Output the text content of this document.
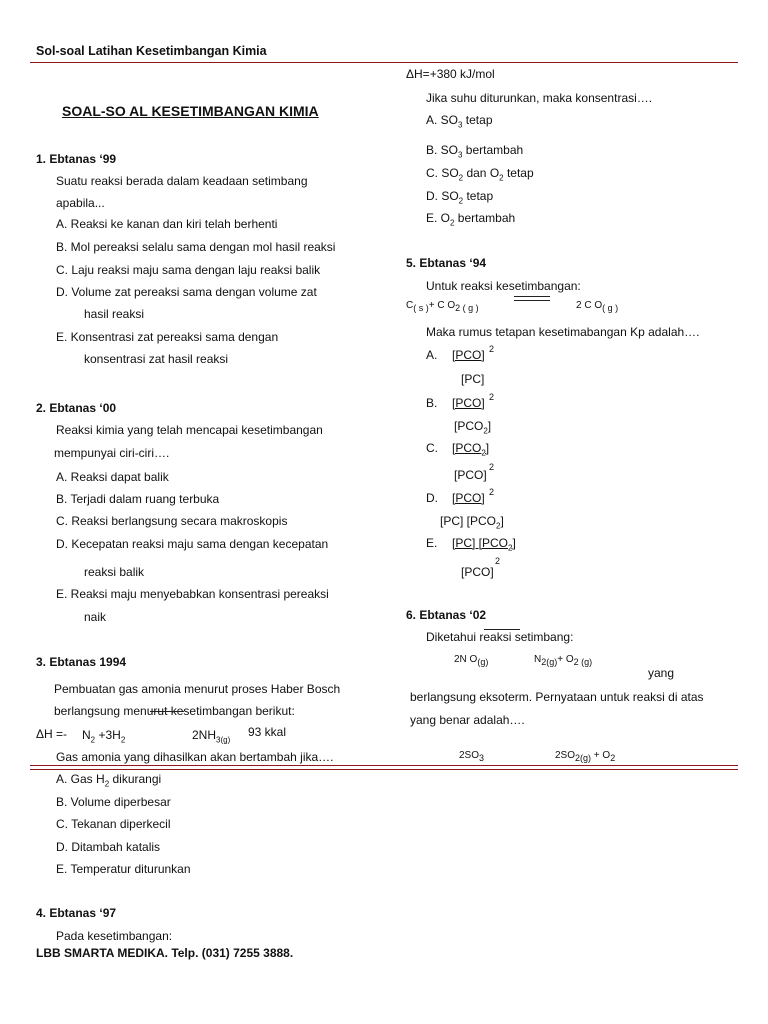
Sol-soal Latihan Kesetimbangan Kimia
SOAL-SO AL KESETIMBANGAN KIMIA
1. Ebtanas ‘99
Suatu reaksi berada dalam keadaan setimbang
apabila...
A. Reaksi ke kanan dan kiri telah berhenti
B. Mol pereaksi selalu sama dengan mol hasil reaksi
C. Laju reaksi maju sama dengan laju reaksi balik
D. Volume zat pereaksi sama dengan volume zat
hasil reaksi
E. Konsentrasi zat pereaksi sama dengan
konsentrasi zat hasil reaksi
2. Ebtanas ‘00
Reaksi kimia yang telah mencapai kesetimbangan
mempunyai ciri-ciri….
A. Reaksi dapat balik
B. Terjadi dalam ruang terbuka
C. Reaksi berlangsung secara makroskopis
D. Kecepatan reaksi maju sama dengan kecepatan
reaksi balik
E. Reaksi maju menyebabkan konsentrasi pereaksi
naik
3. Ebtanas 1994
Pembuatan gas amonia menurut proses Haber Bosch
berlangsung menurut kesetimbangan berikut:
$\Delta H =- N_2 +3H_2$	$2NH_{3(g)}$
93 kkal
Gas amonia yang dihasilkan akan bertambah jika….
A. Gas $H_2$ dikurangi
B. Volume diperbesar
C. Tekanan diperkecil
D. Ditambah katalis
E. Temperatur diturunkan
4. Ebtanas ‘97
Pada kesetimbangan:
LBB SMARTA MEDIKA. Telp. (031) 7255 3888.
ΔH=+380 kJ/mol
Jika suhu diturunkan, maka konsentrasi….
A. $SO_3$ tetap
B. $SO_3$ bertambah
C. $SO_2$ dan $O_2$ tetap
D. $SO_2$ tetap
E. $O_2$ bertambah
5. Ebtanas ‘94
Untuk reaksi kesetimbangan:
$C_{( s )}+ C$ $O_{2 ( g )}$	2 C $O_{( g )}$
Maka rumus tetapan kesetimabangan Kp adalah….
A. [PCO] 2
[PC]
B. [PCO] 2
$[PCO_2]$
C. $[PCO_2]$
[PCO]
2
D. [PCO] 2
[PC] $[PCO_2]$
E. [PC] $[PCO_2]$
[PCO]
2
6. Ebtanas ‘02
Diketahui reaksi setimbang:
2N $O_{(g)}$	$N_{2(g)}+ O_{2 (g)}$
yang
berlangsung eksoterm. Pernyataan untuk reaksi di atas
yang benar adalah….
$2SO_3$	$2SO_{2(g)} + O_2$
